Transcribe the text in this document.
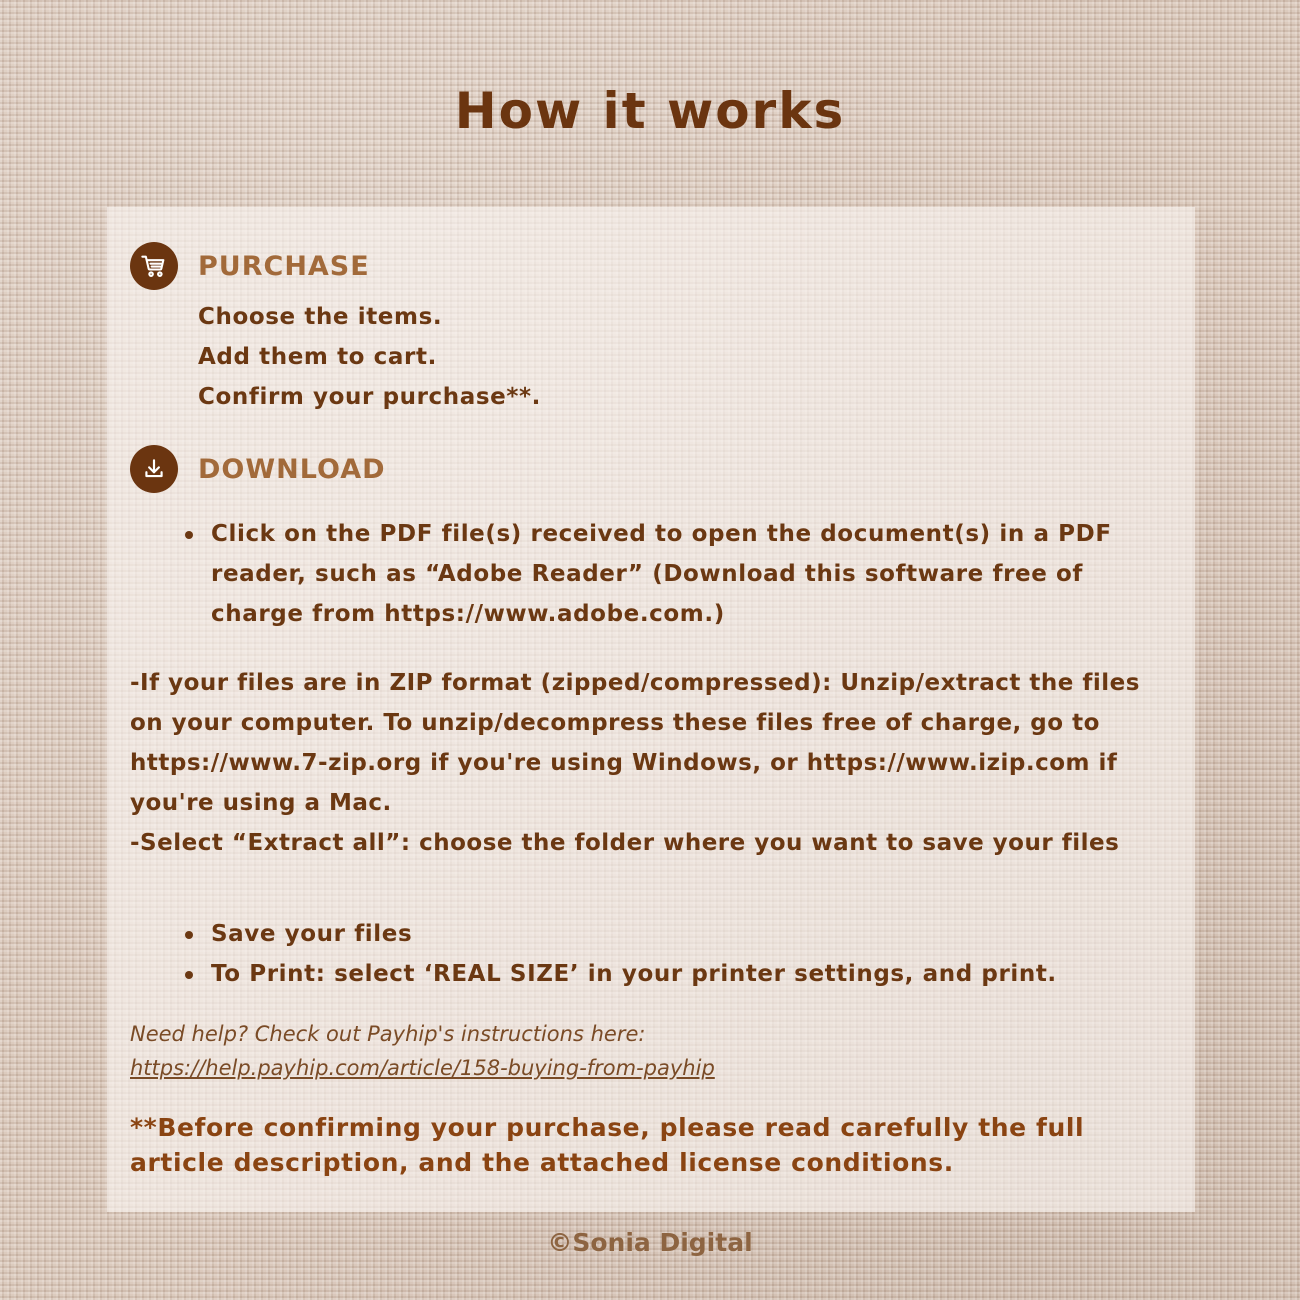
How it works
PURCHASE
Choose the items.
Add them to cart.
Confirm your purchase**.
DOWNLOAD
Click on the PDF file(s) received to open the document(s) in a PDF reader, such as “Adobe Reader” (Download this software free of charge from https://www.adobe.com.)

-If your files are in ZIP format (zipped/compressed): Unzip/extract the files on your computer. To unzip/decompress these files free of charge, go to https://www.7-zip.org if you're using Windows, or https://www.izip.com if you're using a Mac.

-Select “Extract all”: choose the folder where you want to save your files

Save your files
To Print: select ‘REAL SIZE’ in your printer settings, and print.
Need help? Check out Payhip's instructions here:
https://help.payhip.com/article/158-buying-from-payhip
**Before confirming your purchase, please read carefully the full article description, and the attached license conditions.
©Sonia Digital
